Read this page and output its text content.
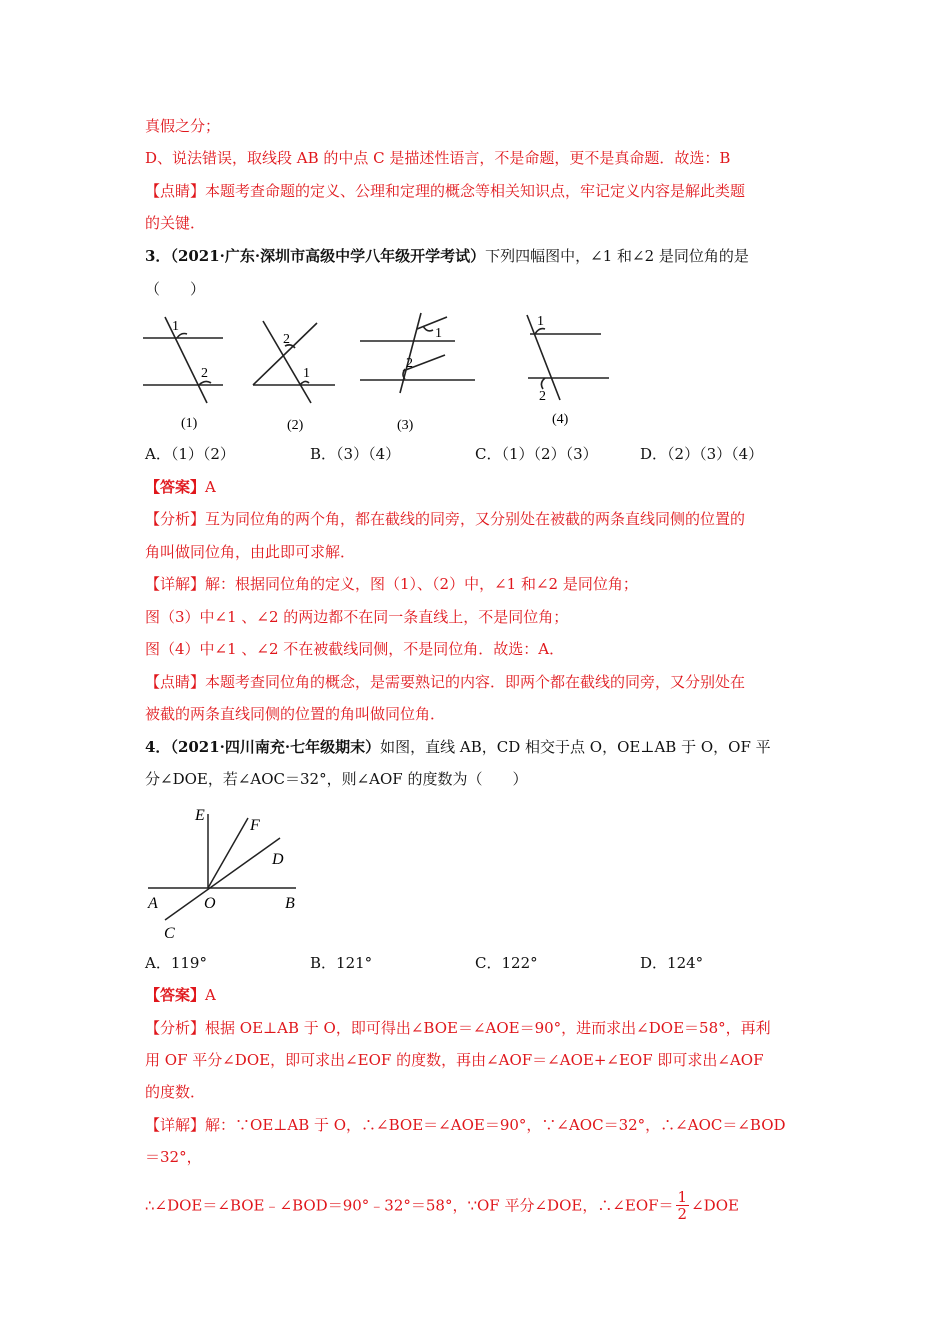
真假之分；
D、说法错误，取线段 AB 的中点 C 是描述性语言，不是命题，更不是真命题．故选：B
【点睛】本题考查命题的定义、公理和定理的概念等相关知识点，牢记定义内容是解此类题
的关键．
3．（2021·广东·深圳市高级中学八年级开学考试）下列四幅图中，∠1 和∠2 是同位角的是
（　　）
1
2
(1)
2
1
(2)
1
2
(3)
1
2
(4)
A．（1）（2）	B．（3）（4）	C．（1）（2）（3）	D．（2）（3）（4）
【答案】A
【分析】互为同位角的两个角，都在截线的同旁，又分别处在被截的两条直线同侧的位置的
角叫做同位角，由此即可求解．
【详解】解：根据同位角的定义，图（1）、（2）中，∠1 和∠2 是同位角；
图（3）中∠1 、∠2 的两边都不在同一条直线上，不是同位角；
图（4）中∠1 、∠2 不在被截线同侧，不是同位角．故选：A．
【点睛】本题考查同位角的概念，是需要熟记的内容．即两个都在截线的同旁，又分别处在
被截的两条直线同侧的位置的角叫做同位角．
4．（2021·四川南充·七年级期末）如图，直线 AB，CD 相交于点 O，OE⊥AB 于 O，OF 平
分∠DOE，若∠AOC＝32°，则∠AOF 的度数为（　　）
E
F
D
A	O	B
C
A．119°	B．121°	C．122°	D．124°
【答案】A
【分析】根据 OE⊥AB 于 O，即可得出∠BOE＝∠AOE＝90°，进而求出∠DOE＝58°，再利
用 OF 平分∠DOE，即可求出∠EOF 的度数，再由∠AOF＝∠AOE+∠EOF 即可求出∠AOF
的度数．
【详解】解：∵OE⊥AB 于 O，∴∠BOE＝∠AOE＝90°，∵∠AOC＝32°，∴∠AOC＝∠BOD
＝32°，
∴∠DOE＝∠BOE﹣∠BOD＝90°﹣32°＝58°，∵OF 平分∠DOE，∴∠EOF＝ $\frac{1}{2}$ ∠DOE
